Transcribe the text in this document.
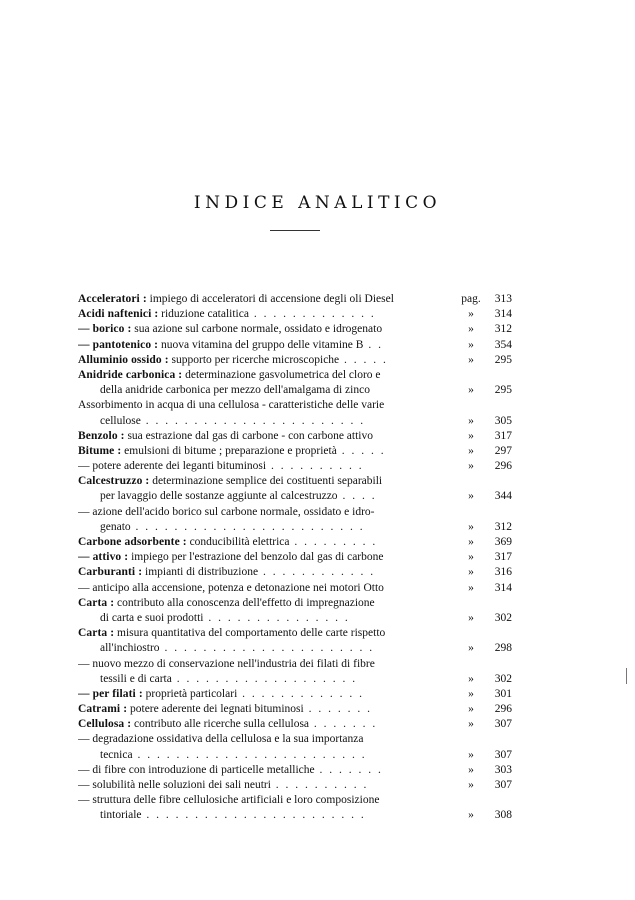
INDICE ANALITICO
Acceleratori : impiego di acceleratori di accensione degli oli Diesel	pag.	313
Acidi naftenici : riduzione catalitica . . . . . . . . . . . . .	»	314
— borico : sua azione sul carbone normale, ossidato e idrogenato	»	312
— pantotenico : nuova vitamina del gruppo delle vitamine B . .	»	354
Alluminio ossido : supporto per ricerche microscopiche . . . . .	»	295
Anidride carbonica : determinazione gasvolumetrica del cloro e
della anidride carbonica per mezzo dell'amalgama di zinco	»	295
Assorbimento in acqua di una cellulosa - caratteristiche delle varie
cellulose . . . . . . . . . . . . . . . . . . . . . . .	»	305
Benzolo : sua estrazione dal gas di carbone - con carbone attivo	»	317
Bitume : emulsioni di bitume ; preparazione e proprietà . . . . .	»	297
— potere aderente dei leganti bituminosi . . . . . . . . . .	»	296
Calcestruzzo : determinazione semplice dei costituenti separabili
per lavaggio delle sostanze aggiunte al calcestruzzo . . . .	»	344
— azione dell'acido borico sul carbone normale, ossidato e idro-
genato . . . . . . . . . . . . . . . . . . . . . . . .	»	312
Carbone adsorbente : conducibilità elettrica . . . . . . . . .	»	369
— attivo : impiego per l'estrazione del benzolo dal gas di carbone	»	317
Carburanti : impianti di distribuzione . . . . . . . . . . . .	»	316
— anticipo alla accensione, potenza e detonazione nei motori Otto	»	314
Carta : contributo alla conoscenza dell'effetto di impregnazione
di carta e suoi prodotti . . . . . . . . . . . . . . .	»	302
Carta : misura quantitativa del comportamento delle carte rispetto
all'inchiostro . . . . . . . . . . . . . . . . . . . . . .	»	298
— nuovo mezzo di conservazione nell'industria dei filati di fibre
tessili e di carta . . . . . . . . . . . . . . . . . . .	»	302
— per filati : proprietà particolari . . . . . . . . . . . . .	»	301
Catrami : potere aderente dei legnati bituminosi . . . . . . .	»	296
Cellulosa : contributo alle ricerche sulla cellulosa . . . . . . .	»	307
— degradazione ossidativa della cellulosa e la sua importanza
tecnica . . . . . . . . . . . . . . . . . . . . . . . .	»	307
— di fibre con introduzione di particelle metalliche . . . . . . .	»	303
— solubilità nelle soluzioni dei sali neutri . . . . . . . . . .	»	307
— struttura delle fibre cellulosiche artificiali e loro composizione
tintoriale . . . . . . . . . . . . . . . . . . . . . . .	»	308
